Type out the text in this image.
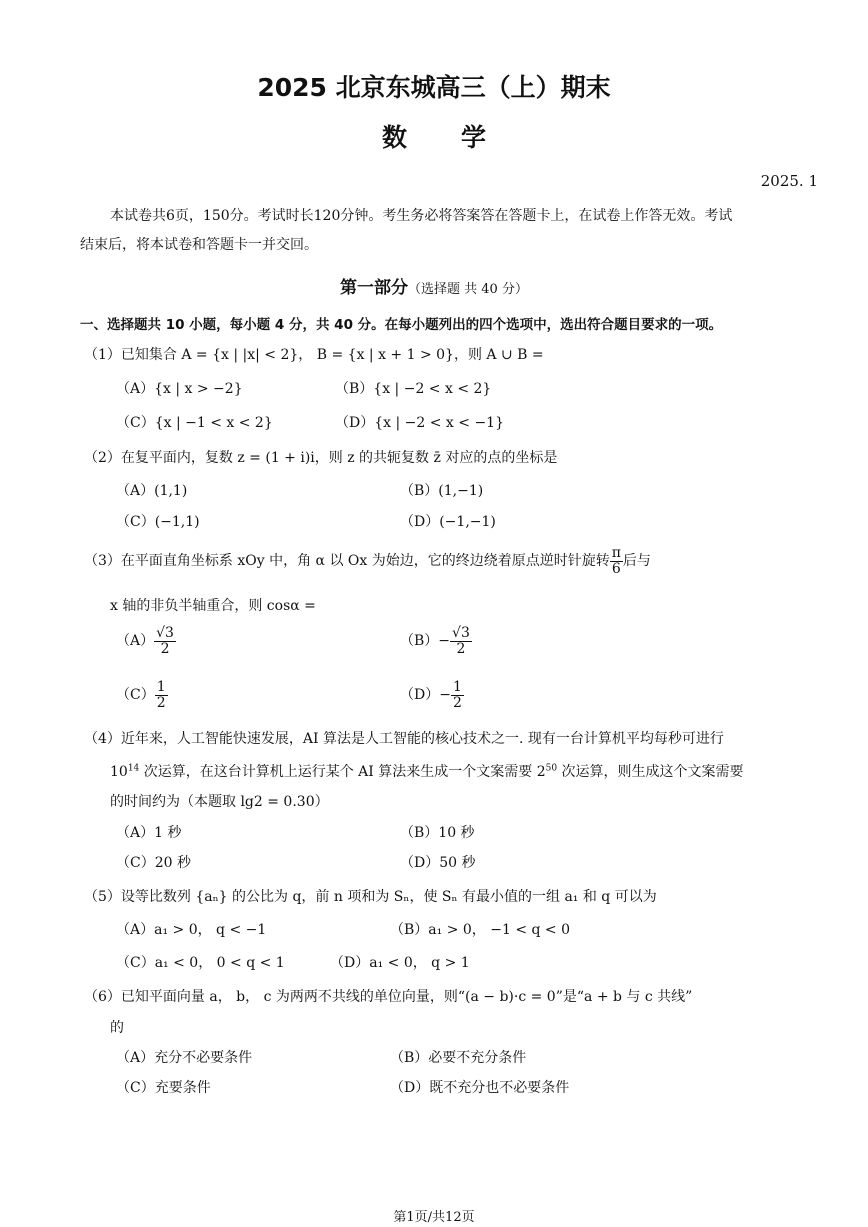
2025 北京东城高三（上）期末
数学
2025. 1
本试卷共6页，150分。考试时长120分钟。考生务必将答案答在答题卡上，在试卷上作答无效。考试
结束后，将本试卷和答题卡一并交回。
第一部分（选择题 共 40 分）
一、选择题共 10 小题，每小题 4 分，共 40 分。在每小题列出的四个选项中，选出符合题目要求的一项。
（1）已知集合 A = {x | |x| < 2}， B = {x | x + 1 > 0}，则 A ∪ B =
（A）{x | x > −2}	（B）{x | −2 < x < 2}
（C）{x | −1 < x < 2}	（D）{x | −2 < x < −1}
（2）在复平面内，复数 z = (1 + i)i，则 z 的共轭复数 z̄ 对应的点的坐标是
（A）(1,1)	（B）(1,−1)
（C）(−1,1)	（D）(−1,−1)
（3）在平面直角坐标系 xOy 中，角 α 以 Ox 为始边，它的终边绕着原点逆时针旋转 $\frac{\pi}{6}$ 后与
x 轴的非负半轴重合，则 cosα =
$(A) \frac{√3}{2}$	$(B)- \frac{√3}{2}$
$(C) \frac{1}{2}$	$(D)- \frac{1}{2}$
（4）近年来，人工智能快速发展，AI 算法是人工智能的核心技术之一. 现有一台计算机平均每秒可进行
$10^{14}$ 次运算，在这台计算机上运行某个 AI 算法来生成一个文案需要 $2^{50}$ 次运算，则生成这个文案需要
的时间约为（本题取 lg2 = 0.30）
（A）1 秒	（B）10 秒
（C）20 秒	（D）50 秒
（5）设等比数列 {aₙ} 的公比为 q，前 n 项和为 Sₙ，使 Sₙ 有最小值的一组 a₁ 和 q 可以为
（A）a₁ > 0， q < −1	（B）a₁ > 0， −1 < q < 0
（C）a₁ < 0， 0 < q < 1	（D）a₁ < 0， q > 1
（6）已知平面向量 a， b， c 为两两不共线的单位向量，则“(a − b)·c = 0”是“a + b 与 c 共线”
的
（A）充分不必要条件	（B）必要不充分条件
（C）充要条件	（D）既不充分也不必要条件
第1页/共12页
